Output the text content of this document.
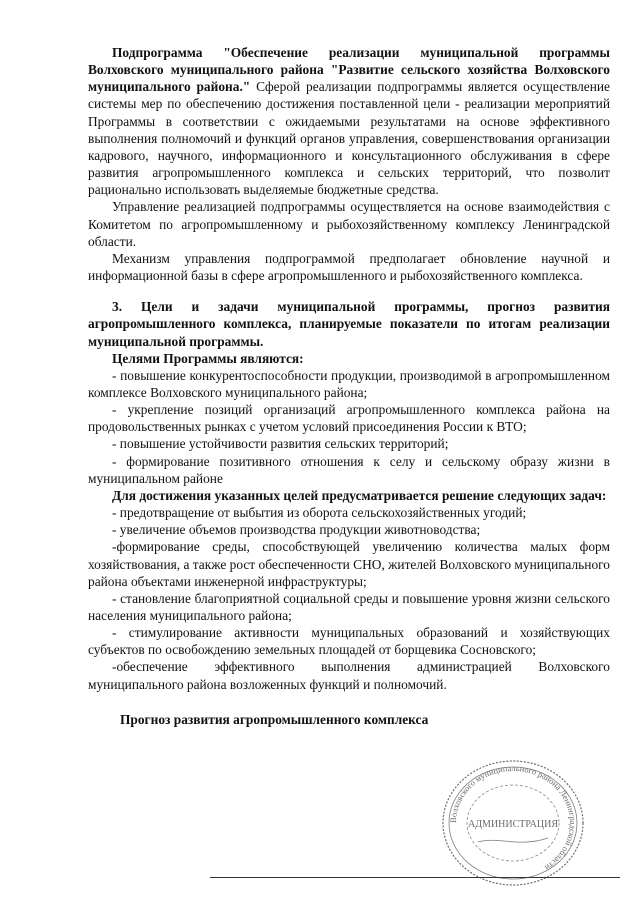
Подпрограмма "Обеспечение реализации муниципальной программы Волховского муниципального района "Развитие сельского хозяйства Волховского муниципального района." Сферой реализации подпрограммы является осуществление системы мер по обеспечению достижения поставленной цели - реализации мероприятий Программы в соответствии с ожидаемыми результатами на основе эффективного выполнения полномочий и функций органов управления, совершенствования организации кадрового, научного, информационного и консультационного обслуживания в сфере развития агропромышленного комплекса и сельских территорий, что позволит рационально использовать выделяемые бюджетные средства.

Управление реализацией подпрограммы осуществляется на основе взаимодействия с Комитетом по агропромышленному и рыбохозяйственному комплексу Ленинградской области.

Механизм управления подпрограммой предполагает обновление научной и информационной базы в сфере агропромышленного и рыбохозяйственного комплекса.

3. Цели и задачи муниципальной программы, прогноз развития агропромышленного комплекса, планируемые показатели по итогам реализации муниципальной программы.

Целями Программы являются:

- повышение конкурентоспособности продукции, производимой в агропромышленном комплексе Волховского муниципального района;

- укрепление позиций организаций агропромышленного комплекса района на продовольственных рынках с учетом условий присоединения России к ВТО;

- повышение устойчивости развития сельских территорий;

- формирование позитивного отношения к селу и сельскому образу жизни в муниципальном районе

Для достижения указанных целей предусматривается решение следующих задач:

- предотвращение от выбытия из оборота сельскохозяйственных угодий;

- увеличение объемов производства продукции животноводства;

-формирование среды, способствующей увеличению количества малых форм хозяйствования, а также рост обеспеченности СНО, жителей Волховского муниципального района объектами инженерной инфраструктуры;

- становление благоприятной социальной среды и повышение уровня жизни сельского населения муниципального района;

- стимулирование активности муниципальных образований и хозяйствующих субъектов по освобождению земельных площадей от борщевика Сосновского;

-обеспечение эффективного выполнения администрацией Волховского муниципального района возложенных функций и полномочий.

Прогноз развития агропромышленного комплекса

Волховского муниципального района Ленинградской области
АДМИНИСТРАЦИЯ
